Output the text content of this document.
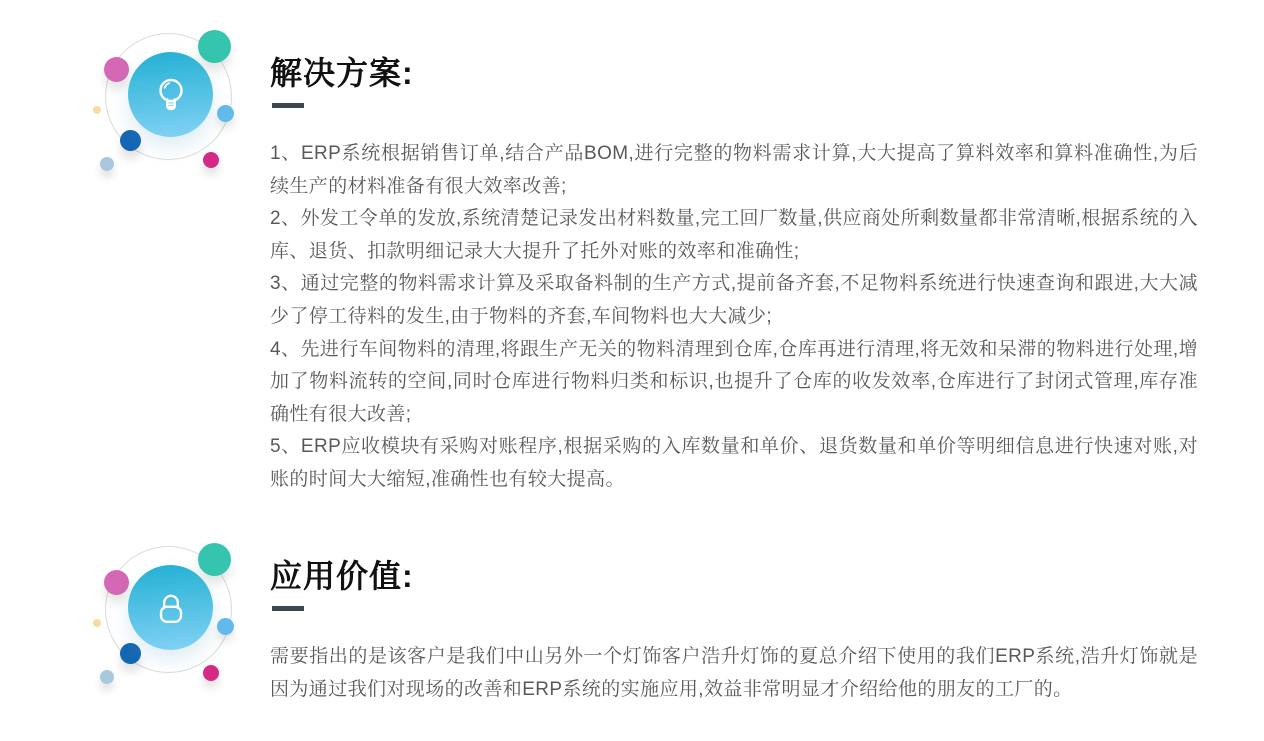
解决方案:

1、ERP系统根据销售订单,结合产品BOM,进行完整的物料需求计算,大大提高了算料效率和算料准确性,为后续生产的材料准备有很大效率改善;

2、外发工令单的发放,系统清楚记录发出材料数量,完工回厂数量,供应商处所剩数量都非常清晰,根据系统的入库、退货、扣款明细记录大大提升了托外对账的效率和准确性;

3、通过完整的物料需求计算及采取备料制的生产方式,提前备齐套,不足物料系统进行快速查询和跟进,大大减少了停工待料的发生,由于物料的齐套,车间物料也大大减少;

4、先进行车间物料的清理,将跟生产无关的物料清理到仓库,仓库再进行清理,将无效和呆滞的物料进行处理,增加了物料流转的空间,同时仓库进行物料归类和标识,也提升了仓库的收发效率,仓库进行了封闭式管理,库存准确性有很大改善;

5、ERP应收模块有采购对账程序,根据采购的入库数量和单价、退货数量和单价等明细信息进行快速对账,对账的时间大大缩短,准确性也有较大提高。

应用价值:

需要指出的是该客户是我们中山另外一个灯饰客户浩升灯饰的夏总介绍下使用的我们ERP系统,浩升灯饰就是因为通过我们对现场的改善和ERP系统的实施应用,效益非常明显才介绍给他的朋友的工厂的。
